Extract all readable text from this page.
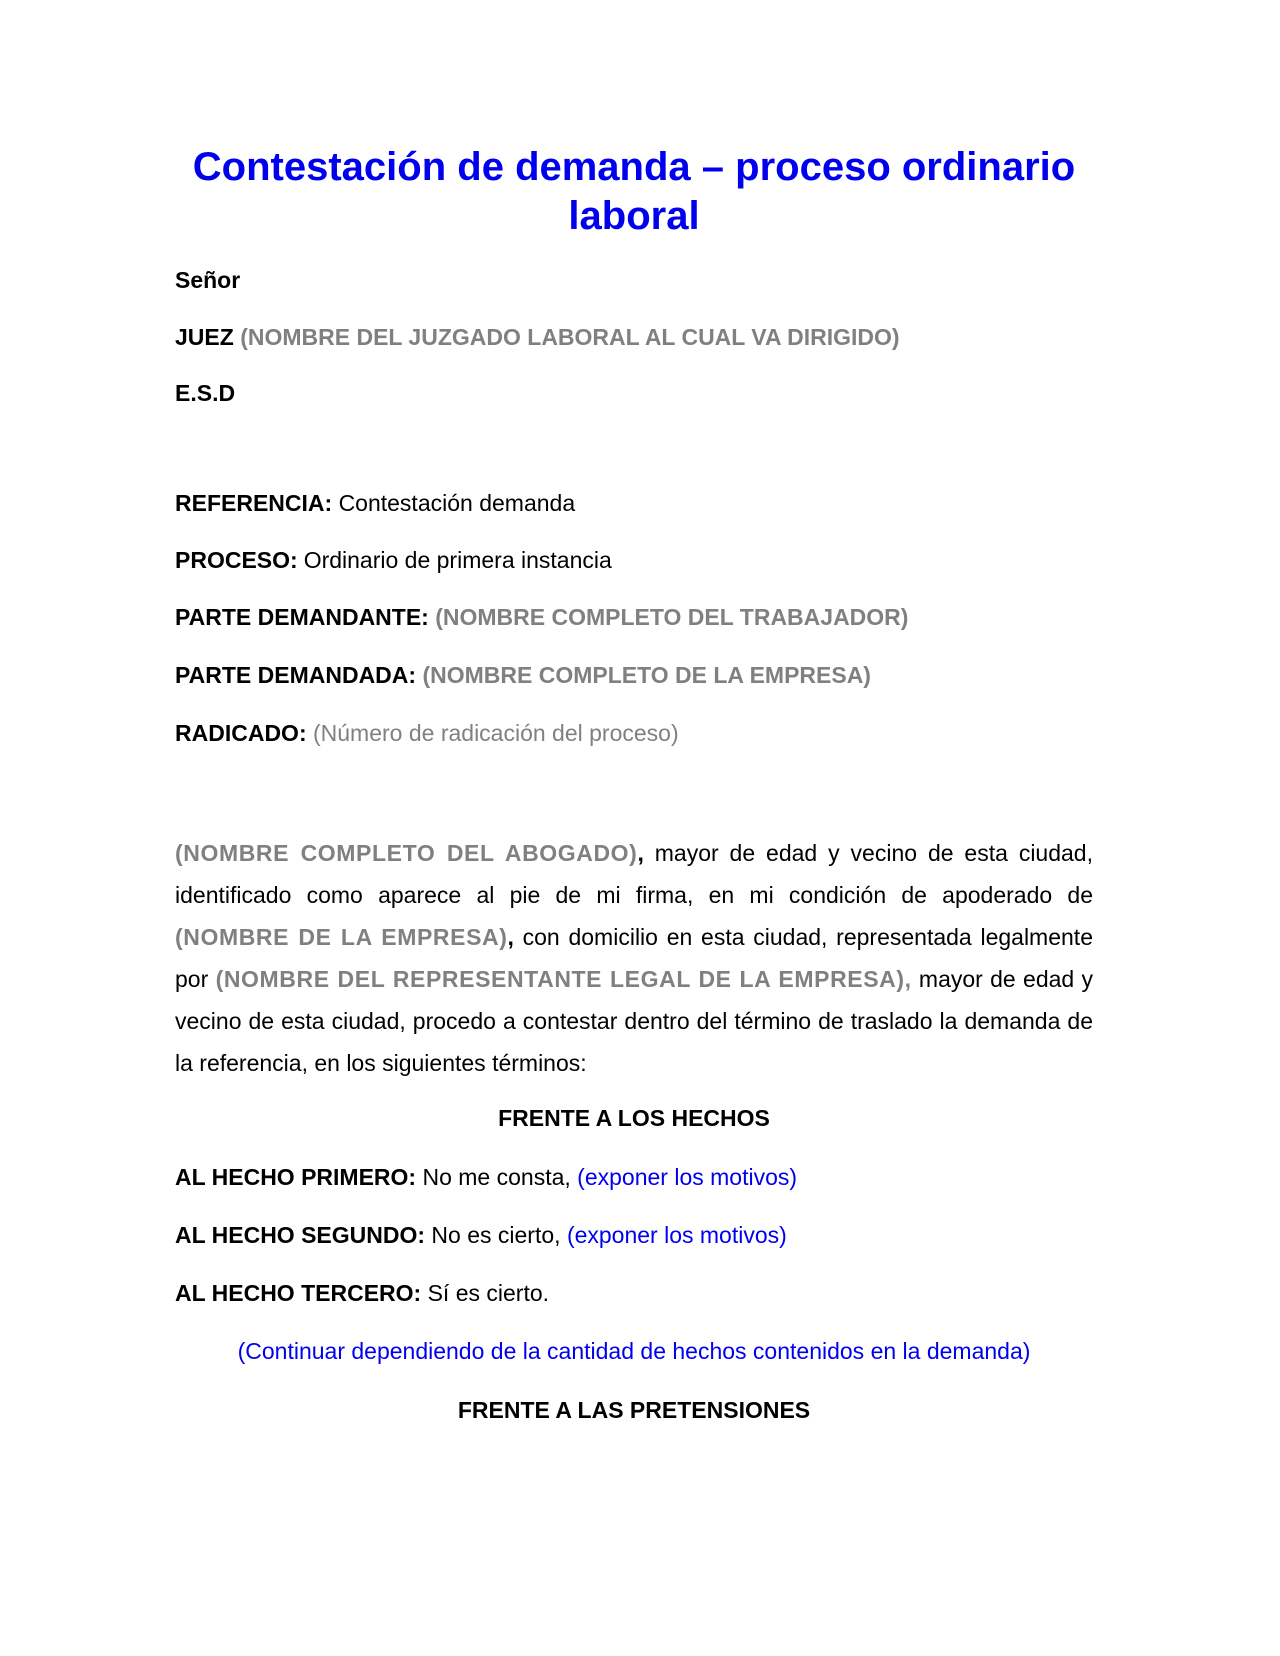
Contestación de demanda – proceso ordinario laboral
Señor
JUEZ (NOMBRE DEL JUZGADO LABORAL AL CUAL VA DIRIGIDO)
E.S.D
REFERENCIA: Contestación demanda
PROCESO: Ordinario de primera instancia
PARTE DEMANDANTE: (NOMBRE COMPLETO DEL TRABAJADOR)
PARTE DEMANDADA: (NOMBRE COMPLETO DE LA EMPRESA)
RADICADO: (Número de radicación del proceso)

(NOMBRE COMPLETO DEL ABOGADO), mayor de edad y vecino de esta ciudad, identificado como aparece al pie de mi firma, en mi condición de apoderado de (NOMBRE DE LA EMPRESA), con domicilio en esta ciudad, representada legalmente por (NOMBRE DEL REPRESENTANTE LEGAL DE LA EMPRESA), mayor de edad y vecino de esta ciudad, procedo a contestar dentro del término de traslado la demanda de la referencia, en los siguientes términos:

FRENTE A LOS HECHOS
AL HECHO PRIMERO: No me consta, (exponer los motivos)
AL HECHO SEGUNDO: No es cierto, (exponer los motivos)
AL HECHO TERCERO: Sí es cierto.
(Continuar dependiendo de la cantidad de hechos contenidos en la demanda)
FRENTE A LAS PRETENSIONES
